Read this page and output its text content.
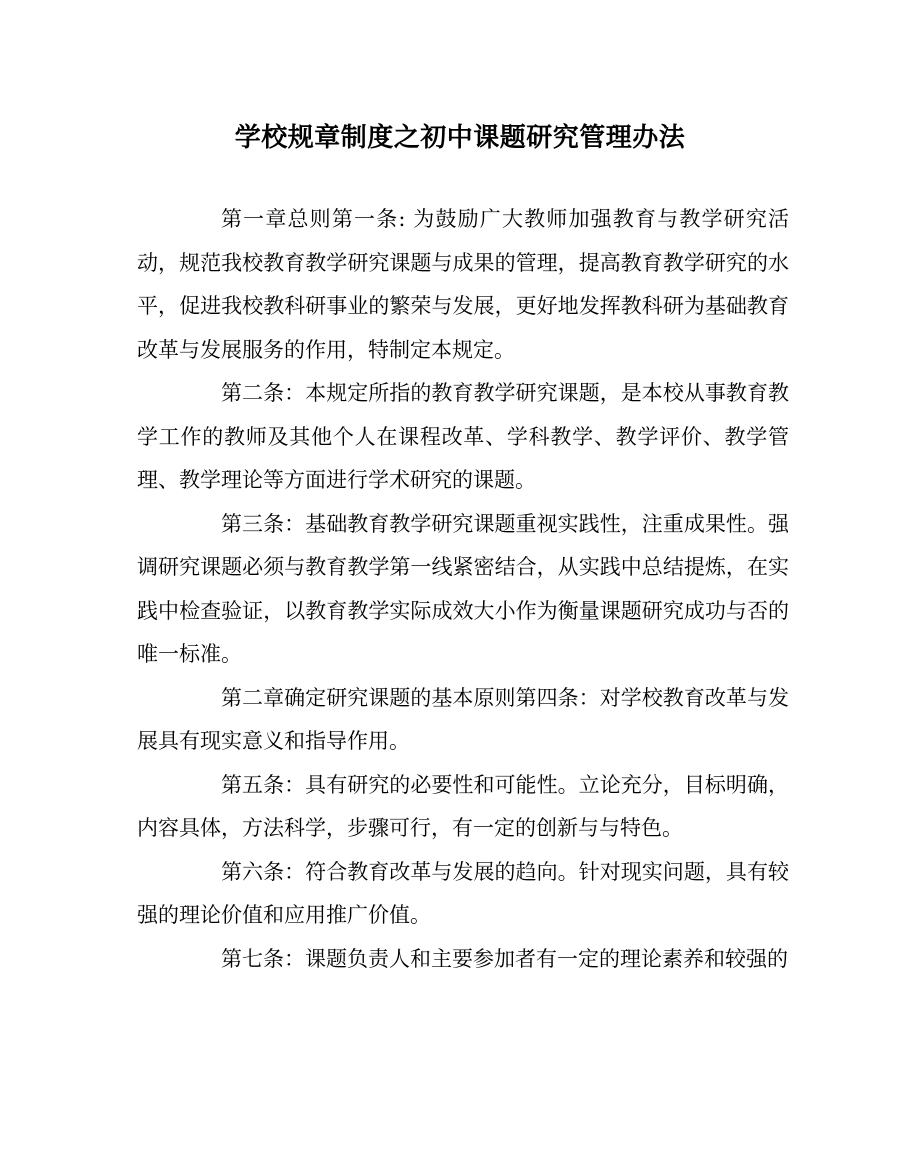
学校规章制度之初中课题研究管理办法

第一章总则第一条: 为鼓励广大教师加强教育与教学研究活动，规范我校教育教学研究课题与成果的管理，提高教育教学研究的水平，促进我校教科研事业的繁荣与发展，更好地发挥教科研为基础教育改革与发展服务的作用，特制定本规定。

第二条：本规定所指的教育教学研究课题，是本校从事教育教学工作的教师及其他个人在课程改革、学科教学、教学评价、教学管理、教学理论等方面进行学术研究的课题。

第三条：基础教育教学研究课题重视实践性，注重成果性。强调研究课题必须与教育教学第一线紧密结合，从实践中总结提炼，在实践中检查验证，以教育教学实际成效大小作为衡量课题研究成功与否的唯一标准。

第二章确定研究课题的基本原则第四条：对学校教育改革与发展具有现实意义和指导作用。

第五条：具有研究的必要性和可能性。立论充分，目标明确，内容具体，方法科学，步骤可行，有一定的创新与与特色。

第六条：符合教育改革与发展的趋向。针对现实问题，具有较强的理论价值和应用推广价值。

第七条：课题负责人和主要参加者有一定的理论素养和较强的
